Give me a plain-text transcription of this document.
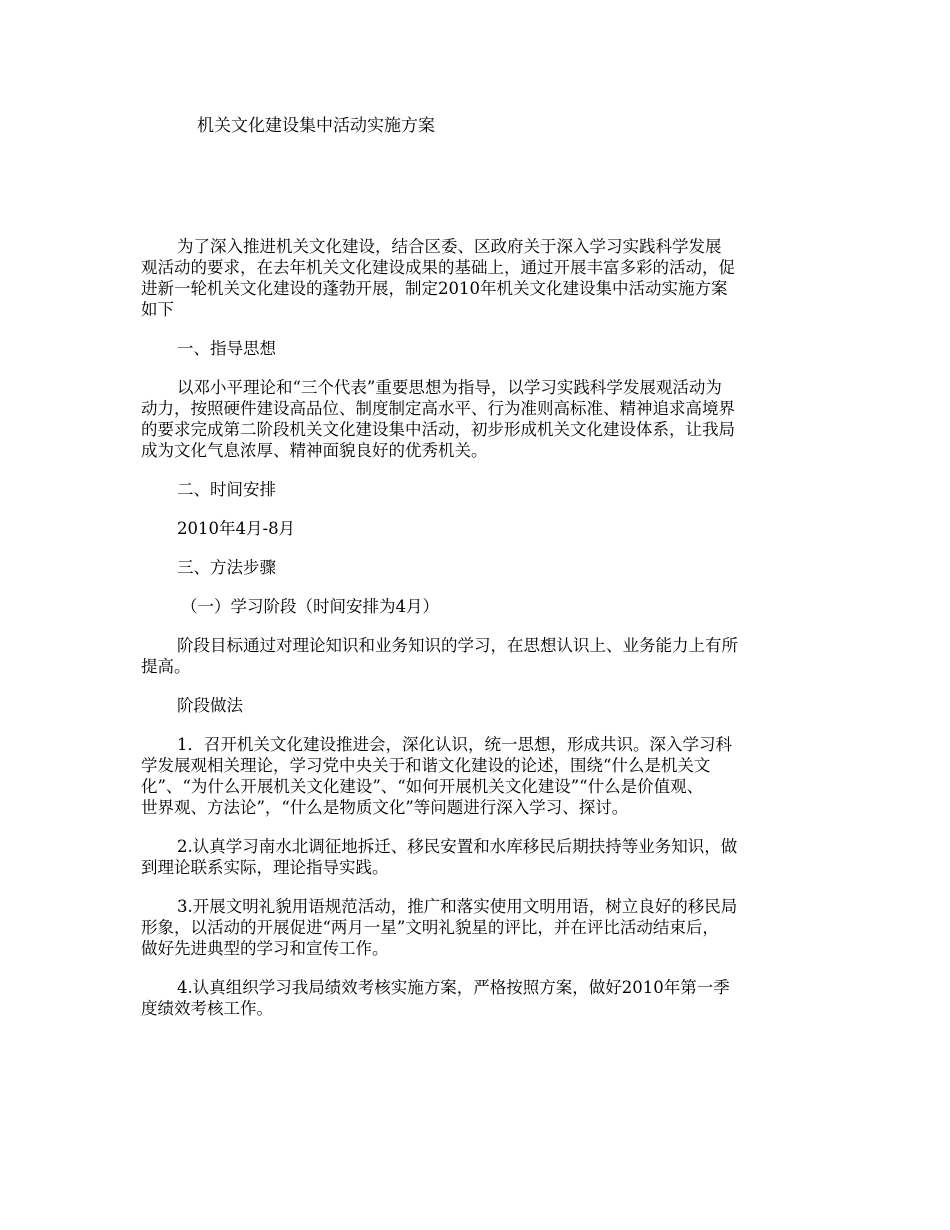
机关文化建设集中活动实施方案
为了深入推进机关文化建设，结合区委、区政府关于深入学习实践科学发展
观活动的要求，在去年机关文化建设成果的基础上，通过开展丰富多彩的活动，促
进新一轮机关文化建设的蓬勃开展，制定2010年机关文化建设集中活动实施方案
如下

一、指导思想

以邓小平理论和“三个代表”重要思想为指导，以学习实践科学发展观活动为
动力，按照硬件建设高品位、制度制定高水平、行为准则高标准、精神追求高境界
的要求完成第二阶段机关文化建设集中活动，初步形成机关文化建设体系，让我局
成为文化气息浓厚、精神面貌良好的优秀机关。

二、时间安排

2010年4月-8月

三、方法步骤

（一）学习阶段（时间安排为4月）

阶段目标通过对理论知识和业务知识的学习，在思想认识上、业务能力上有所
提高。

阶段做法

1．召开机关文化建设推进会，深化认识，统一思想，形成共识。深入学习科
学发展观相关理论，学习党中央关于和谐文化建设的论述，围绕“什么是机关文
化”、“为什么开展机关文化建设”、“如何开展机关文化建设”“什么是价值观、
世界观、方法论”，“什么是物质文化”等问题进行深入学习、探讨。
2.认真学习南水北调征地拆迁、移民安置和水库移民后期扶持等业务知识，做
到理论联系实际，理论指导实践。
3.开展文明礼貌用语规范活动，推广和落实使用文明用语，树立良好的移民局
形象，以活动的开展促进“两月一星”文明礼貌星的评比，并在评比活动结束后，
做好先进典型的学习和宣传工作。
4.认真组织学习我局绩效考核实施方案，严格按照方案，做好2010年第一季
度绩效考核工作。
